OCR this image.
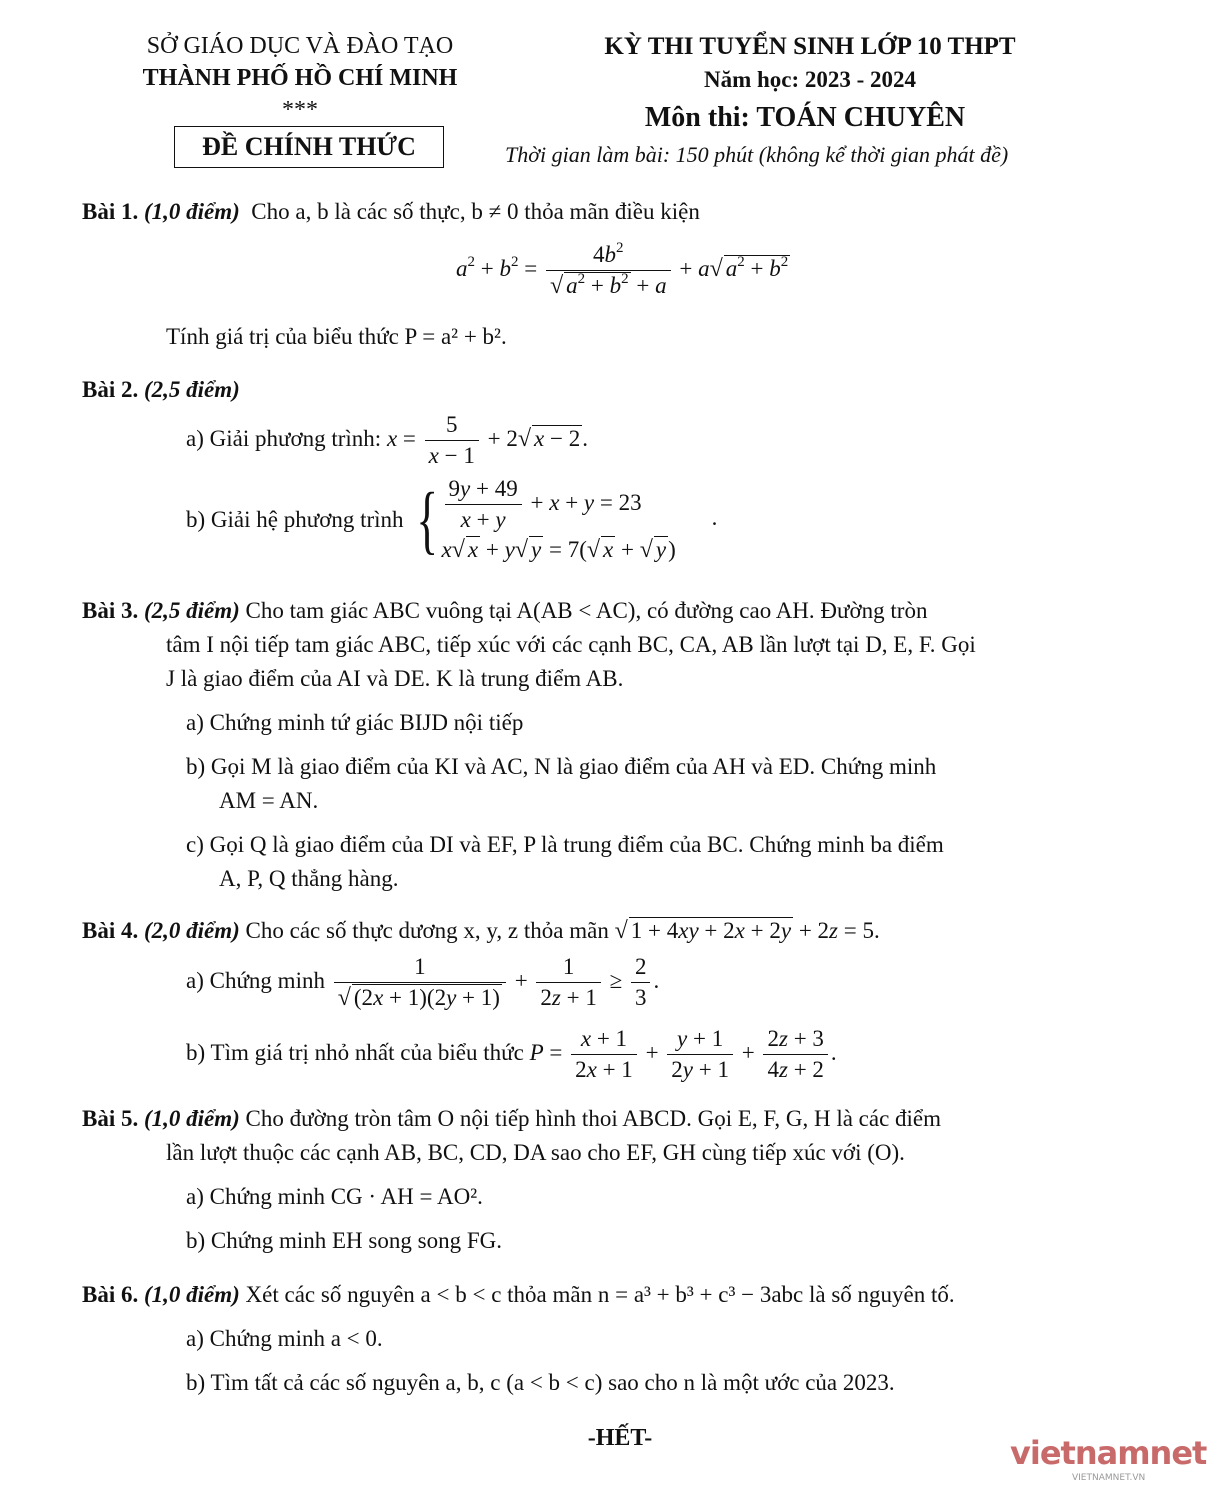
SỞ GIÁO DỤC VÀ ĐÀO TẠO
THÀNH PHỐ HỒ CHÍ MINH
***
ĐỀ CHÍNH THỨC
KỲ THI TUYỂN SINH LỚP 10 THPT
Năm học: 2023 - 2024
Môn thi: TOÁN CHUYÊN
Thời gian làm bài: 150 phút (không kể thời gian phát đề)
Bài 1. (1,0 điểm) Cho a, b là các số thực, b ≠ 0 thỏa mãn điều kiện
$a^2 + b^2 = \frac{4b^2}{√ a^2 + b^2 + a} + a√$ $a^2 + b^2$
Tính giá trị của biểu thức P = a² + b².
Bài 2. (2,5 điểm)
a) Giải phương trình: $x = \frac{5}{x - 1} + 2√$ x − 2.
b) Giải hệ phương trình { $\frac{9y + 49}{x + y} + x + y = 23$
x√ x + y√ y = 7(√ x + √ y)
.
Bài 3. (2,5 điểm) Cho tam giác ABC vuông tại A(AB < AC), có đường cao AH. Đường tròn
tâm I nội tiếp tam giác ABC, tiếp xúc với các cạnh BC, CA, AB lần lượt tại D, E, F. Gọi
J là giao điểm của AI và DE. K là trung điểm AB.
a) Chứng minh tứ giác BIJD nội tiếp
b) Gọi M là giao điểm của KI và AC, N là giao điểm của AH và ED. Chứng minh
AM = AN.
c) Gọi Q là giao điểm của DI và EF, P là trung điểm của BC. Chứng minh ba điểm
A, P, Q thẳng hàng.
Bài 4. (2,0 điểm) Cho các số thực dương x, y, z thỏa mãn √ 1 + 4xy + 2x + 2y + 2z = 5.
a) Chứng minh $\frac{1}{√ (2x + 1)(2y + 1)} + \frac{1}{2z + 1} \ge \frac{2}{3}$ .
b) Tìm giá trị nhỏ nhất của biểu thức $P = \frac{x + 1}{2x + 1} + \frac{y + 1}{2y + 1} + \frac{2z + 3}{4z + 2}$ .
Bài 5. (1,0 điểm) Cho đường tròn tâm O nội tiếp hình thoi ABCD. Gọi E, F, G, H là các điểm
lần lượt thuộc các cạnh AB, BC, CD, DA sao cho EF, GH cùng tiếp xúc với (O).
a) Chứng minh CG · AH = AO².
b) Chứng minh EH song song FG.
Bài 6. (1,0 điểm) Xét các số nguyên a < b < c thỏa mãn n = a³ + b³ + c³ − 3abc là số nguyên tố.
a) Chứng minh a < 0.
b) Tìm tất cả các số nguyên a, b, c (a < b < c) sao cho n là một ước của 2023.
-HẾT-	vietnamnet
VIETNAMNET.VN
